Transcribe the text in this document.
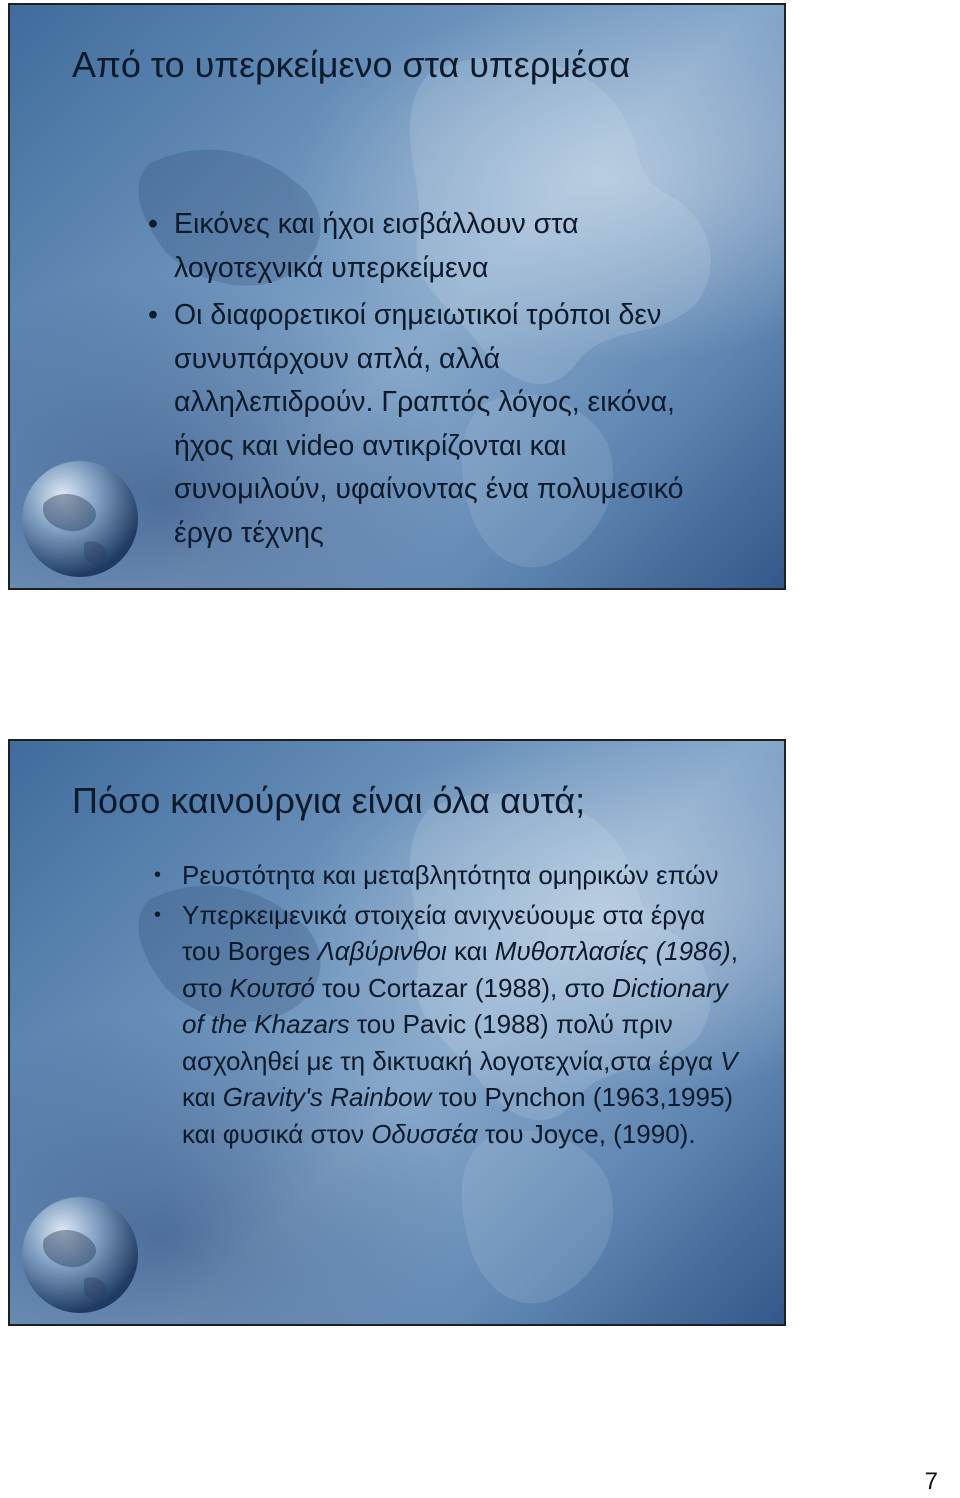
Από το υπερκείμενο στα υπερμέσα
• Εικόνες και ήχοι εισβάλλουν στα λογοτεχνικά υπερκείμενα
• Οι διαφορετικοί σημειωτικοί τρόποι δεν συνυπάρχουν απλά, αλλά αλληλεπιδρούν. Γραπτός λόγος, εικόνα, ήχος και video αντικρίζονται και συνομιλούν, υφαίνοντας ένα πολυμεσικό έργο τέχνης
Πόσο καινούργια είναι όλα αυτά;
• Ρευστότητα και μεταβλητότητα ομηρικών επών
• Υπερκειμενικά στοιχεία ανιχνεύουμε στα έργα του Borges Λαβύρινθοι και Μυθοπλασίες (1986), στο Κουτσό του Cortazar (1988), στο Dictionary of the Khazars του Pavic (1988) πολύ πριν ασχοληθεί με τη δικτυακή λογοτεχνία,στα έργα V και Gravity's Rainbow του Pynchon (1963,1995) και φυσικά στον Οδυσσέα του Joyce, (1990).
7
